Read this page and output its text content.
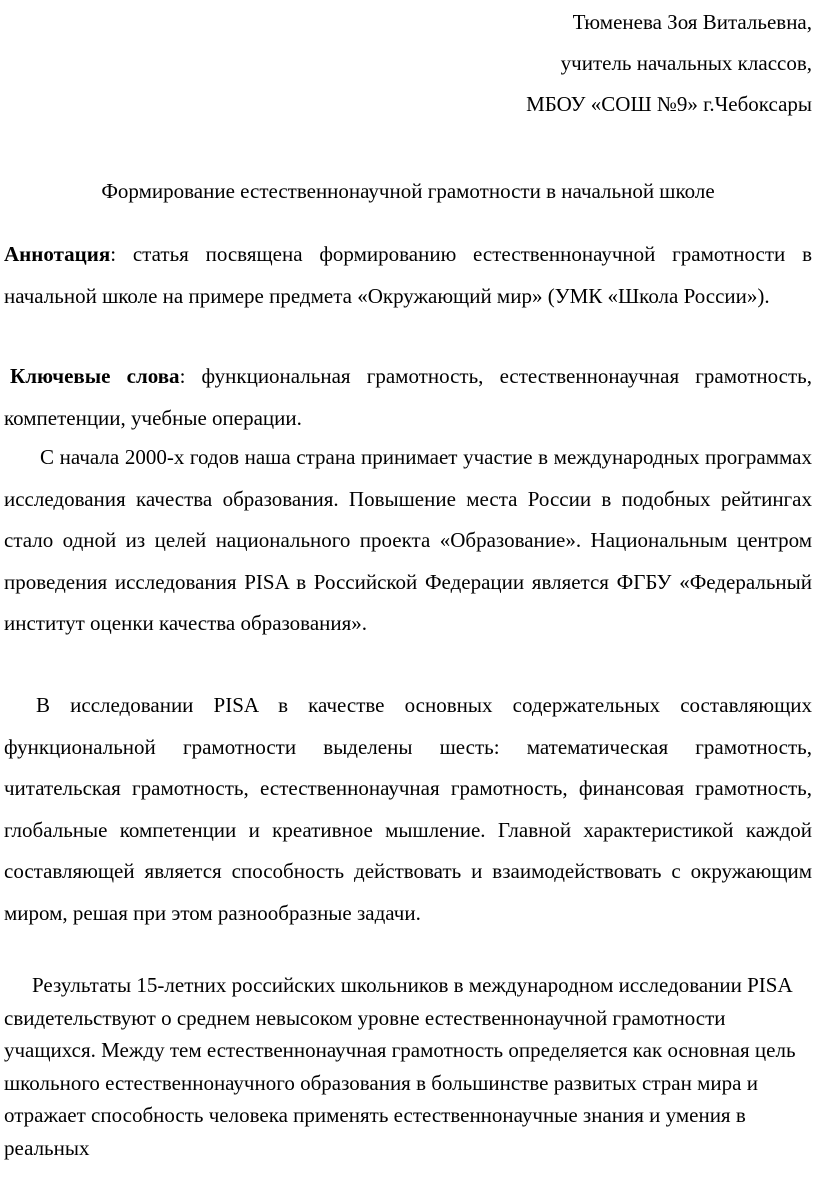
Тюменева Зоя Витальевна,
учитель начальных классов,
МБОУ «СОШ №9» г.Чебоксары
Формирование естественнонаучной грамотности в начальной школе
Аннотация: статья посвящена формированию естественнонаучной грамотности в начальной школе на примере предмета «Окружающий мир» (УМК «Школа России»).
Ключевые слова: функциональная грамотность, естественнонаучная грамотность, компетенции, учебные операции.
С начала 2000-х годов наша страна принимает участие в международных программах исследования качества образования. Повышение места России в подобных рейтингах стало одной из целей национального проекта «Образование». Национальным центром проведения исследования PISA в Российской Федерации является ФГБУ «Федеральный институт оценки качества образования».
В исследовании PISA в качестве основных содержательных составляющих функциональной грамотности выделены шесть: математическая грамотность, читательская грамотность, естественнонаучная грамотность, финансовая грамотность, глобальные компетенции и креативное мышление. Главной характеристикой каждой составляющей является способность действовать и взаимодействовать с окружающим миром, решая при этом разнообразные задачи.
Результаты 15-летних российских школьников в международном исследовании PISA свидетельствуют о среднем невысоком уровне естественнонаучной грамотности учащихся. Между тем естественнонаучная грамотность определяется как основная цель школьного естественнонаучного образования в большинстве развитых стран мира и отражает способность человека применять естественнонаучные знания и умения в реальных
